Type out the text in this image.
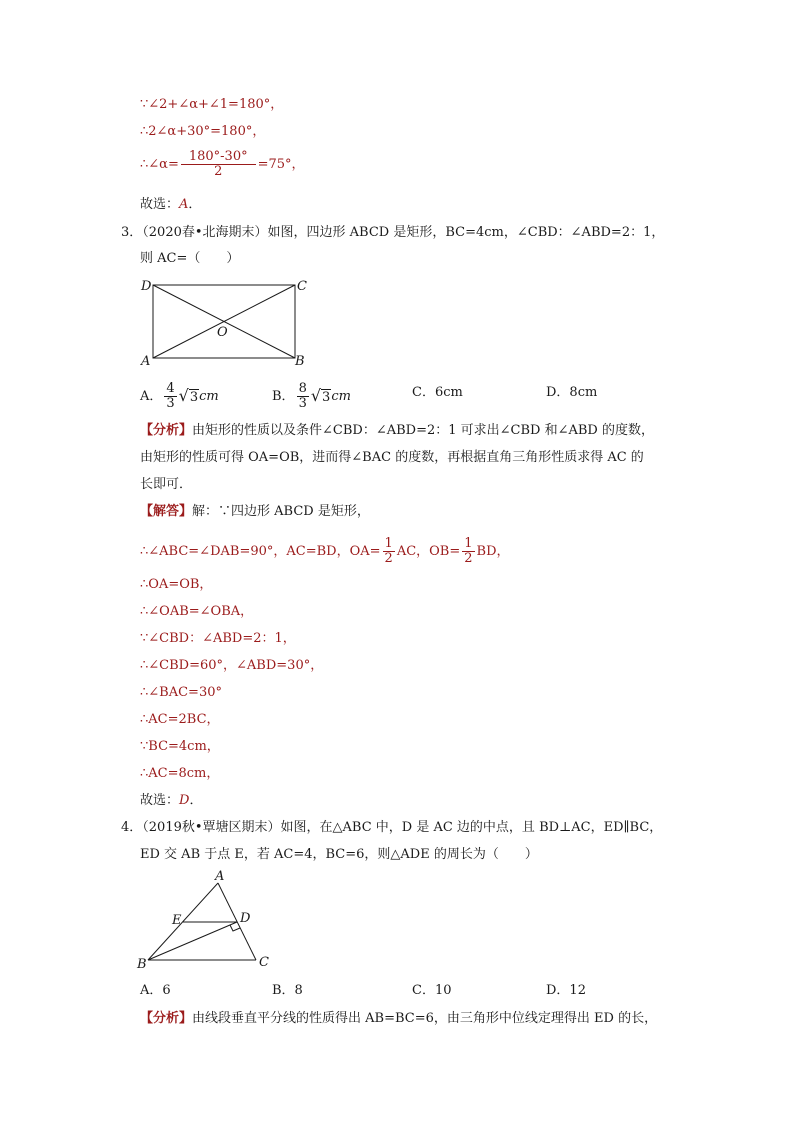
∵∠2+∠α+∠1=180°，
∴2∠α+30°=180°，
∴∠α= $\frac{180^\circ-30^\circ}{2} =75^\circ$，
故选：A．
3．（2020春•北海期末）如图，四边形 ABCD 是矩形，BC=4cm，∠CBD：∠ABD=2：1，
则 AC=（　　）
D	C
O
A	B
A． $\frac{4}{3} √3cm$	B． $\frac{8}{3} √3cm$	C．6cm	D．8cm
【分析】由矩形的性质以及条件∠CBD：∠ABD=2：1 可求出∠CBD 和∠ABD 的度数，
由矩形的性质可得 OA=OB，进而得∠BAC 的度数，再根据直角三角形性质求得 AC 的
长即可．
【解答】解：∵四边形 ABCD 是矩形，
∴∠ABC=∠DAB=90°，AC=BD，$OA= \frac{1}{2}$ AC，$OB= \frac{1}{2}$ BD，
∴OA=OB，
∴∠OAB=∠OBA，
∵∠CBD：∠ABD=2：1，
∴∠CBD=60°，∠ABD=30°，
∴∠BAC=30°
∴AC=2BC，
∵BC=4cm，
∴AC=8cm，
故选：D．
4．（2019秋•覃塘区期末）如图，在△ABC 中，D 是 AC 边的中点，且 BD⊥AC，ED∥BC，
ED 交 AB 于点 E，若 AC=4，BC=6，则△ADE 的周长为（　　）
A
E	D
B	C
A．6	B．8	C．10	D．12
【分析】由线段垂直平分线的性质得出 AB=BC=6，由三角形中位线定理得出 ED 的长，
